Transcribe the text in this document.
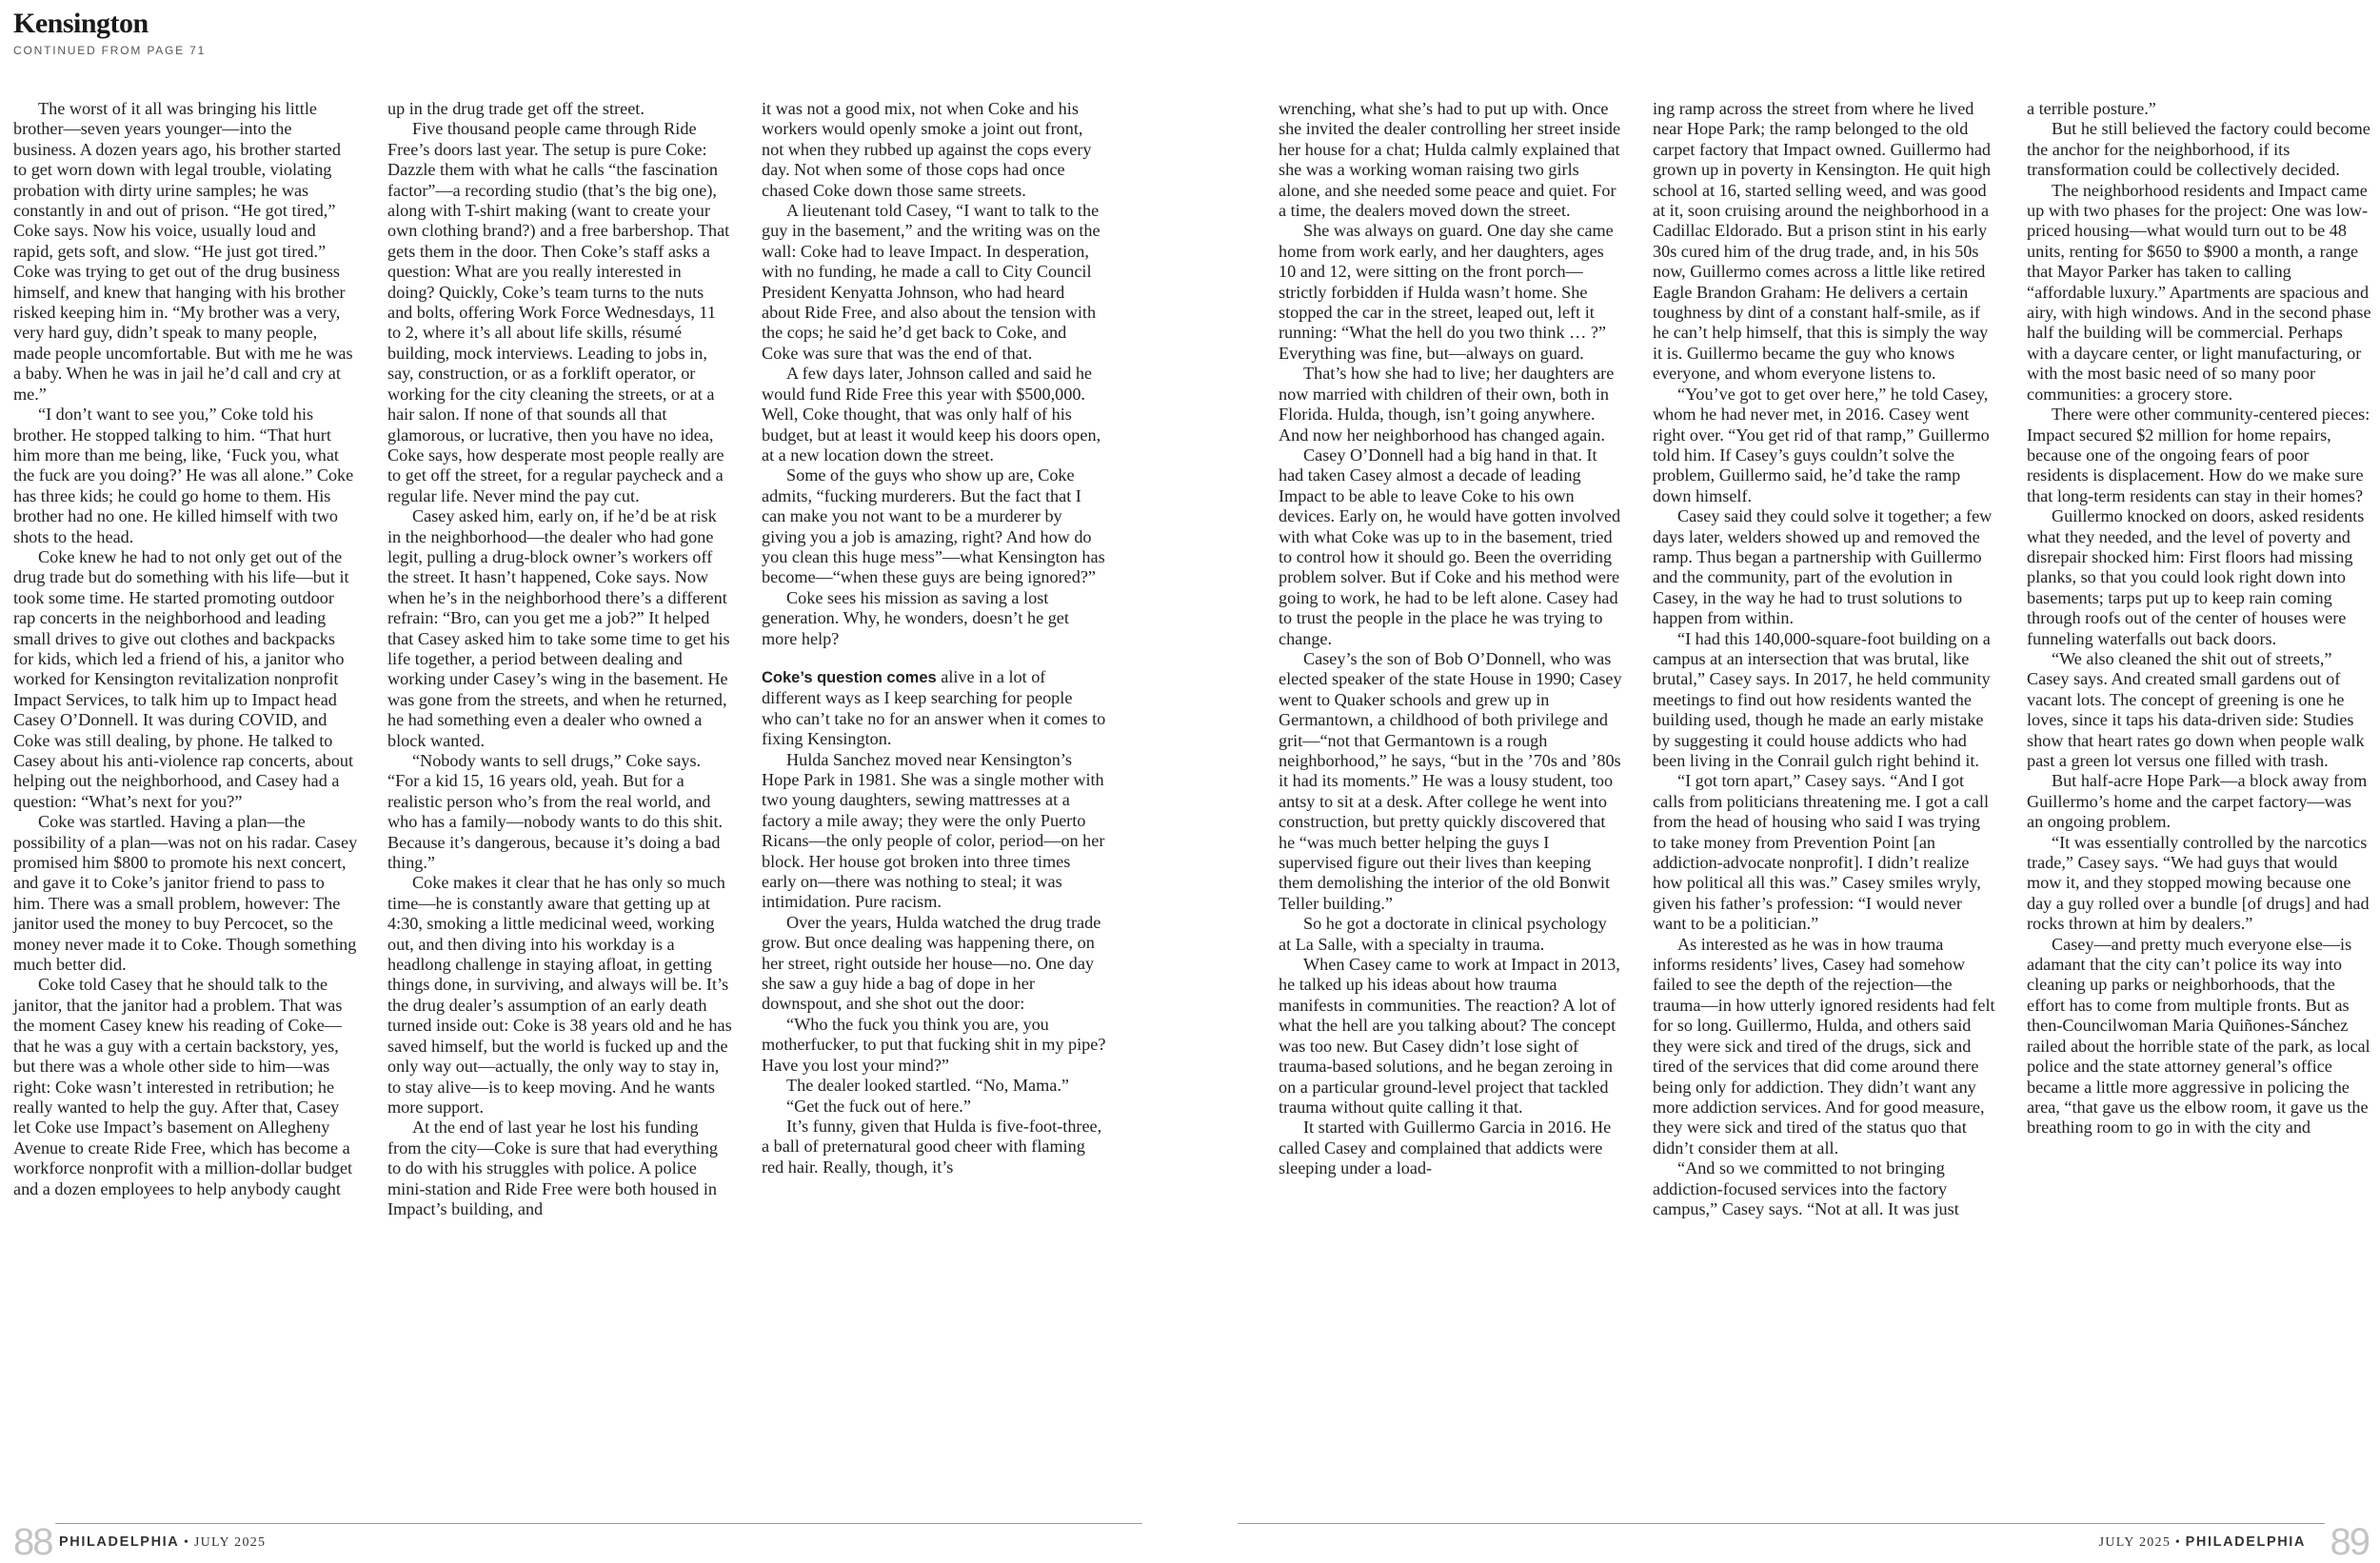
Kensington
CONTINUED FROM PAGE 71

The worst of it all was bringing his little brother—seven years younger—into the business. A dozen years ago, his brother started to get worn down with legal trouble, violating probation with dirty urine samples; he was constantly in and out of prison. “He got tired,” Coke says. Now his voice, usually loud and rapid, gets soft, and slow. “He just got tired.” Coke was trying to get out of the drug business himself, and knew that hanging with his brother risked keeping him in. “My brother was a very, very hard guy, didn’t speak to many people, made people uncomfortable. But with me he was a baby. When he was in jail he’d call and cry at me.”

“I don’t want to see you,” Coke told his brother. He stopped talking to him. “That hurt him more than me being, like, ‘Fuck you, what the fuck are you doing?’ He was all alone.” Coke has three kids; he could go home to them. His brother had no one. He killed himself with two shots to the head.

Coke knew he had to not only get out of the drug trade but do something with his life—but it took some time. He started promoting outdoor rap concerts in the neighborhood and leading small drives to give out clothes and backpacks for kids, which led a friend of his, a janitor who worked for Kensington revitalization nonprofit Impact Services, to talk him up to Impact head Casey O’Donnell. It was during COVID, and Coke was still dealing, by phone. He talked to Casey about his anti-violence rap concerts, about helping out the neighborhood, and Casey had a question: “What’s next for you?”

Coke was startled. Having a plan—the possibility of a plan—was not on his radar. Casey promised him $800 to promote his next concert, and gave it to Coke’s janitor friend to pass to him. There was a small problem, however: The janitor used the money to buy Percocet, so the money never made it to Coke. Though something much better did.

Coke told Casey that he should talk to the janitor, that the janitor had a problem. That was the moment Casey knew his reading of Coke—that he was a guy with a certain backstory, yes, but there was a whole other side to him—was right: Coke wasn’t interested in retribution; he really wanted to help the guy. After that, Casey let Coke use Impact’s basement on Allegheny Avenue to create Ride Free, which has become a workforce nonprofit with a million-dollar budget and a dozen employees to help anybody caught

up in the drug trade get off the street.

Five thousand people came through Ride Free’s doors last year. The setup is pure Coke: Dazzle them with what he calls “the fascination factor”—a recording studio (that’s the big one), along with T-shirt making (want to create your own clothing brand?) and a free barbershop. That gets them in the door. Then Coke’s staff asks a question: What are you really interested in doing? Quickly, Coke’s team turns to the nuts and bolts, offering Work Force Wednesdays, 11 to 2, where it’s all about life skills, résumé building, mock interviews. Leading to jobs in, say, construction, or as a forklift operator, or working for the city cleaning the streets, or at a hair salon. If none of that sounds all that glamorous, or lucrative, then you have no idea, Coke says, how desperate most people really are to get off the street, for a regular paycheck and a regular life. Never mind the pay cut.

Casey asked him, early on, if he’d be at risk in the neighborhood—the dealer who had gone legit, pulling a drug-block owner’s workers off the street. It hasn’t happened, Coke says. Now when he’s in the neighborhood there’s a different refrain: “Bro, can you get me a job?” It helped that Casey asked him to take some time to get his life together, a period between dealing and working under Casey’s wing in the basement. He was gone from the streets, and when he returned, he had something even a dealer who owned a block wanted.

“Nobody wants to sell drugs,” Coke says. “For a kid 15, 16 years old, yeah. But for a realistic person who’s from the real world, and who has a family—nobody wants to do this shit. Because it’s dangerous, because it’s doing a bad thing.”

Coke makes it clear that he has only so much time—he is constantly aware that getting up at 4:30, smoking a little medicinal weed, working out, and then diving into his workday is a headlong challenge in staying afloat, in getting things done, in surviving, and always will be. It’s the drug dealer’s assumption of an early death turned inside out: Coke is 38 years old and he has saved himself, but the world is fucked up and the only way out—actually, the only way to stay in, to stay alive—is to keep moving. And he wants more support.

At the end of last year he lost his funding from the city—Coke is sure that had everything to do with his struggles with police. A police mini-station and Ride Free were both housed in Impact’s building, and

it was not a good mix, not when Coke and his workers would openly smoke a joint out front, not when they rubbed up against the cops every day. Not when some of those cops had once chased Coke down those same streets.

A lieutenant told Casey, “I want to talk to the guy in the basement,” and the writing was on the wall: Coke had to leave Impact. In desperation, with no funding, he made a call to City Council President Kenyatta Johnson, who had heard about Ride Free, and also about the tension with the cops; he said he’d get back to Coke, and Coke was sure that was the end of that.

A few days later, Johnson called and said he would fund Ride Free this year with $500,000. Well, Coke thought, that was only half of his budget, but at least it would keep his doors open, at a new location down the street.

Some of the guys who show up are, Coke admits, “fucking murderers. But the fact that I can make you not want to be a murderer by giving you a job is amazing, right? And how do you clean this huge mess”—what Kensington has become—“when these guys are being ignored?”

Coke sees his mission as saving a lost generation. Why, he wonders, doesn’t he get more help?

Coke’s question comes alive in a lot of different ways as I keep searching for people who can’t take no for an answer when it comes to fixing Kensington.

Hulda Sanchez moved near Kensington’s Hope Park in 1981. She was a single mother with two young daughters, sewing mattresses at a factory a mile away; they were the only Puerto Ricans—the only people of color, period—on her block. Her house got broken into three times early on—there was nothing to steal; it was intimidation. Pure racism.

Over the years, Hulda watched the drug trade grow. But once dealing was happening there, on her street, right outside her house—no. One day she saw a guy hide a bag of dope in her downspout, and she shot out the door:

“Who the fuck you think you are, you motherfucker, to put that fucking shit in my pipe? Have you lost your mind?”

The dealer looked startled. “No, Mama.”

“Get the fuck out of here.”

It’s funny, given that Hulda is five-foot-three, a ball of preternatural good cheer with flaming red hair. Really, though, it’s

88 PHILADELPHIA • JULY 2025

wrenching, what she’s had to put up with. Once she invited the dealer controlling her street inside her house for a chat; Hulda calmly explained that she was a working woman raising two girls alone, and she needed some peace and quiet. For a time, the dealers moved down the street.

She was always on guard. One day she came home from work early, and her daughters, ages 10 and 12, were sitting on the front porch—strictly forbidden if Hulda wasn’t home. She stopped the car in the street, leaped out, left it running: “What the hell do you two think … ?” Everything was fine, but—always on guard.

That’s how she had to live; her daughters are now married with children of their own, both in Florida. Hulda, though, isn’t going anywhere. And now her neighborhood has changed again.

Casey O’Donnell had a big hand in that. It had taken Casey almost a decade of leading Impact to be able to leave Coke to his own devices. Early on, he would have gotten involved with what Coke was up to in the basement, tried to control how it should go. Been the overriding problem solver. But if Coke and his method were going to work, he had to be left alone. Casey had to trust the people in the place he was trying to change.

Casey’s the son of Bob O’Donnell, who was elected speaker of the state House in 1990; Casey went to Quaker schools and grew up in Germantown, a childhood of both privilege and grit—“not that Germantown is a rough neighborhood,” he says, “but in the ’70s and ’80s it had its moments.” He was a lousy student, too antsy to sit at a desk. After college he went into construction, but pretty quickly discovered that he “was much better helping the guys I supervised figure out their lives than keeping them demolishing the interior of the old Bonwit Teller building.”

So he got a doctorate in clinical psychology at La Salle, with a specialty in trauma.

When Casey came to work at Impact in 2013, he talked up his ideas about how trauma manifests in communities. The reaction? A lot of what the hell are you talking about? The concept was too new. But Casey didn’t lose sight of trauma-based solutions, and he began zeroing in on a particular ground-level project that tackled trauma without quite calling it that.

It started with Guillermo Garcia in 2016. He called Casey and complained that addicts were sleeping under a load-

ing ramp across the street from where he lived near Hope Park; the ramp belonged to the old carpet factory that Impact owned. Guillermo had grown up in poverty in Kensington. He quit high school at 16, started selling weed, and was good at it, soon cruising around the neighborhood in a Cadillac Eldorado. But a prison stint in his early 30s cured him of the drug trade, and, in his 50s now, Guillermo comes across a little like retired Eagle Brandon Graham: He delivers a certain toughness by dint of a constant half-smile, as if he can’t help himself, that this is simply the way it is. Guillermo became the guy who knows everyone, and whom everyone listens to.

“You’ve got to get over here,” he told Casey, whom he had never met, in 2016. Casey went right over. “You get rid of that ramp,” Guillermo told him. If Casey’s guys couldn’t solve the problem, Guillermo said, he’d take the ramp down himself.

Casey said they could solve it together; a few days later, welders showed up and removed the ramp. Thus began a partnership with Guillermo and the community, part of the evolution in Casey, in the way he had to trust solutions to happen from within.

“I had this 140,000-square-foot building on a campus at an intersection that was brutal, like brutal,” Casey says. In 2017, he held community meetings to find out how residents wanted the building used, though he made an early mistake by suggesting it could house addicts who had been living in the Conrail gulch right behind it.

“I got torn apart,” Casey says. “And I got calls from politicians threatening me. I got a call from the head of housing who said I was trying to take money from Prevention Point [an addiction-advocate nonprofit]. I didn’t realize how political all this was.” Casey smiles wryly, given his father’s profession: “I would never want to be a politician.”

As interested as he was in how trauma informs residents’ lives, Casey had somehow failed to see the depth of the rejection—the trauma—in how utterly ignored residents had felt for so long. Guillermo, Hulda, and others said they were sick and tired of the drugs, sick and tired of the services that did come around there being only for addiction. They didn’t want any more addiction services. And for good measure, they were sick and tired of the status quo that didn’t consider them at all.

“And so we committed to not bringing addiction-focused services into the factory campus,” Casey says. “Not at all. It was just

a terrible posture.”

But he still believed the factory could become the anchor for the neighborhood, if its transformation could be collectively decided.

The neighborhood residents and Impact came up with two phases for the project: One was low-priced housing—what would turn out to be 48 units, renting for $650 to $900 a month, a range that Mayor Parker has taken to calling “affordable luxury.” Apartments are spacious and airy, with high windows. And in the second phase half the building will be commercial. Perhaps with a daycare center, or light manufacturing, or with the most basic need of so many poor communities: a grocery store.

There were other community-centered pieces: Impact secured $2 million for home repairs, because one of the ongoing fears of poor residents is displacement. How do we make sure that long-term residents can stay in their homes?

Guillermo knocked on doors, asked residents what they needed, and the level of poverty and disrepair shocked him: First floors had missing planks, so that you could look right down into basements; tarps put up to keep rain coming through roofs out of the center of houses were funneling waterfalls out back doors.

“We also cleaned the shit out of streets,” Casey says. And created small gardens out of vacant lots. The concept of greening is one he loves, since it taps his data-driven side: Studies show that heart rates go down when people walk past a green lot versus one filled with trash.

But half-acre Hope Park—a block away from Guillermo’s home and the carpet factory—was an ongoing problem.

“It was essentially controlled by the narcotics trade,” Casey says. “We had guys that would mow it, and they stopped mowing because one day a guy rolled over a bundle [of drugs] and had rocks thrown at him by dealers.”

Casey—and pretty much everyone else—is adamant that the city can’t police its way into cleaning up parks or neighborhoods, that the effort has to come from multiple fronts. But as then-Councilwoman Maria Quiñones-Sánchez railed about the horrible state of the park, as local police and the state attorney general’s office became a little more aggressive in policing the area, “that gave us the elbow room, it gave us the breathing room to go in with the city and

JULY 2025 • PHILADELPHIA 89
